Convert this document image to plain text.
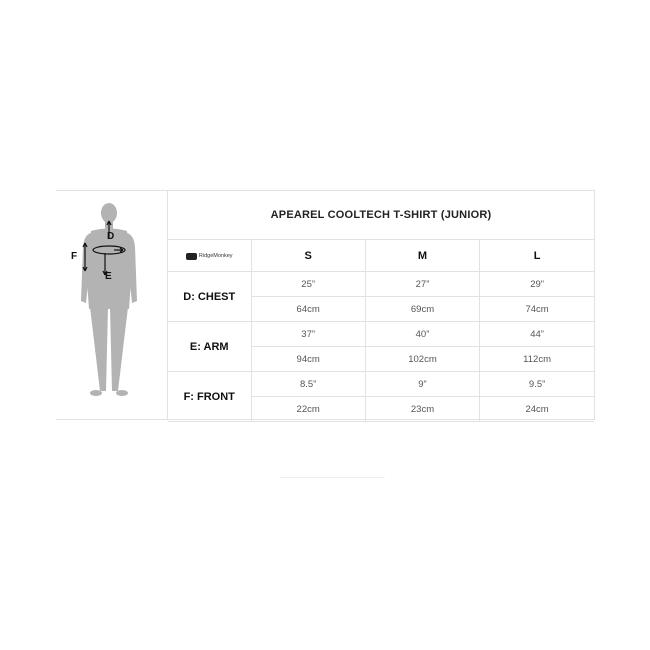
D
E
F
APEAREL COOLTECH T-SHIRT (JUNIOR)
RidgeMonkey	S	M	L
D: CHEST	25”	27”	29”
	64cm	69cm	74cm
E: ARM	37”	40”	44”
	94cm	102cm	112cm
F: FRONT	8.5”	9”	9.5”
	22cm	23cm	24cm
